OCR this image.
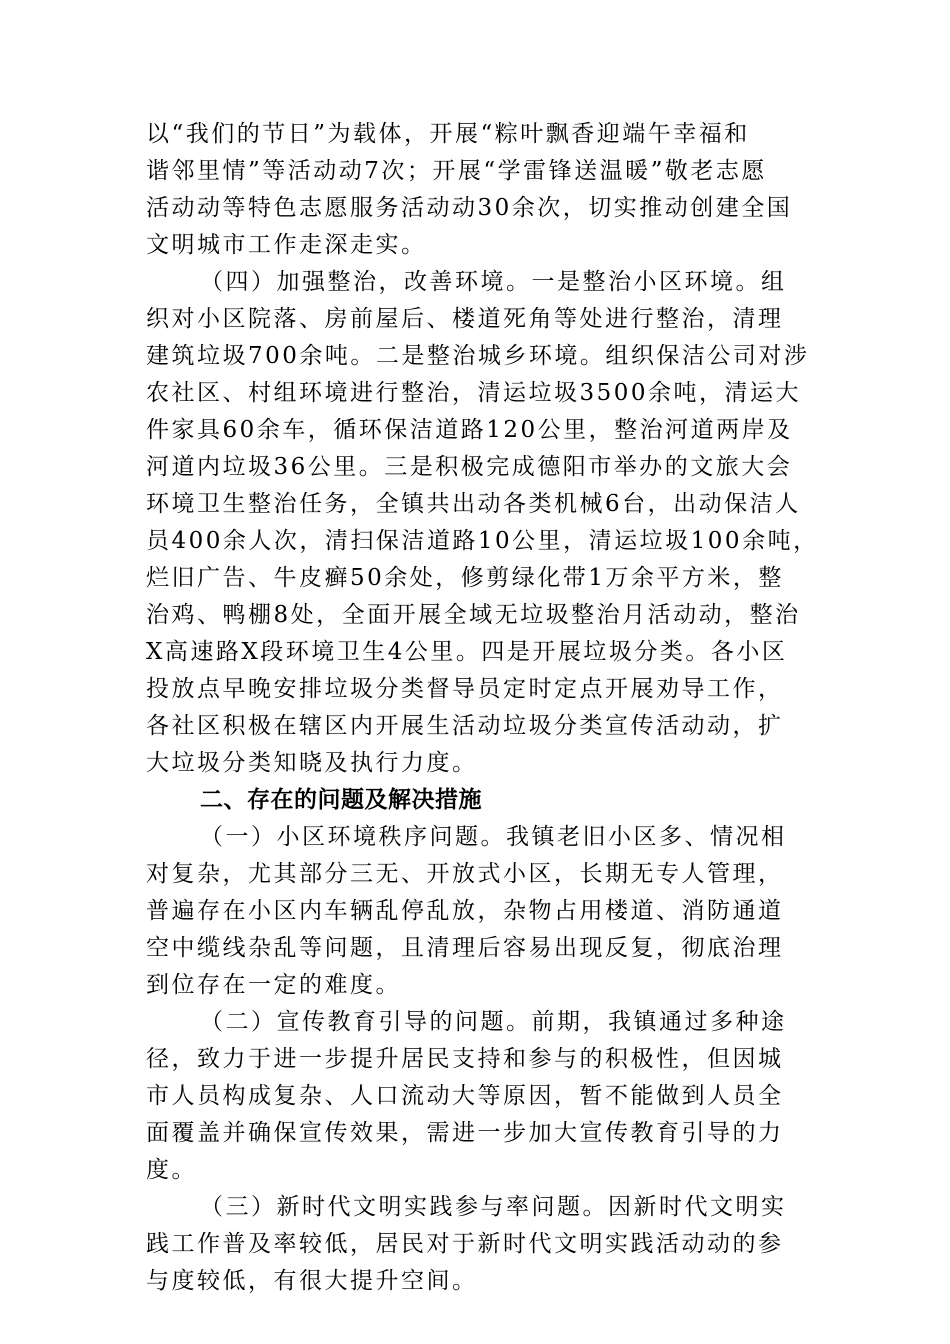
以“我们的节日”为载体，开展“粽叶飘香迎端午幸福和
谐邻里情”等活动动7次；开展“学雷锋送温暖”敬老志愿
活动动等特色志愿服务活动动30余次，切实推动创建全国
文明城市工作走深走实。
（四）加强整治，改善环境。一是整治小区环境。组
织对小区院落、房前屋后、楼道死角等处进行整治，清理
建筑垃圾700余吨。二是整治城乡环境。组织保洁公司对涉
农社区、村组环境进行整治，清运垃圾3500余吨，清运大
件家具60余车，循环保洁道路120公里，整治河道两岸及
河道内垃圾36公里。三是积极完成德阳市举办的文旅大会
环境卫生整治任务，全镇共出动各类机械6台，出动保洁人
员400余人次，清扫保洁道路10公里，清运垃圾100余吨，
烂旧广告、牛皮癣50余处，修剪绿化带1万余平方米，整
治鸡、鸭棚8处，全面开展全域无垃圾整治月活动动，整治
X高速路X段环境卫生4公里。四是开展垃圾分类。各小区
投放点早晚安排垃圾分类督导员定时定点开展劝导工作，
各社区积极在辖区内开展生活动垃圾分类宣传活动动，扩
大垃圾分类知晓及执行力度。
二、存在的问题及解决措施
（一）小区环境秩序问题。我镇老旧小区多、情况相
对复杂，尤其部分三无、开放式小区，长期无专人管理，
普遍存在小区内车辆乱停乱放，杂物占用楼道、消防通道
空中缆线杂乱等问题，且清理后容易出现反复，彻底治理
到位存在一定的难度。
（二）宣传教育引导的问题。前期，我镇通过多种途
径，致力于进一步提升居民支持和参与的积极性，但因城
市人员构成复杂、人口流动大等原因，暂不能做到人员全
面覆盖并确保宣传效果，需进一步加大宣传教育引导的力
度。
（三）新时代文明实践参与率问题。因新时代文明实
践工作普及率较低，居民对于新时代文明实践活动动的参
与度较低，有很大提升空间。
